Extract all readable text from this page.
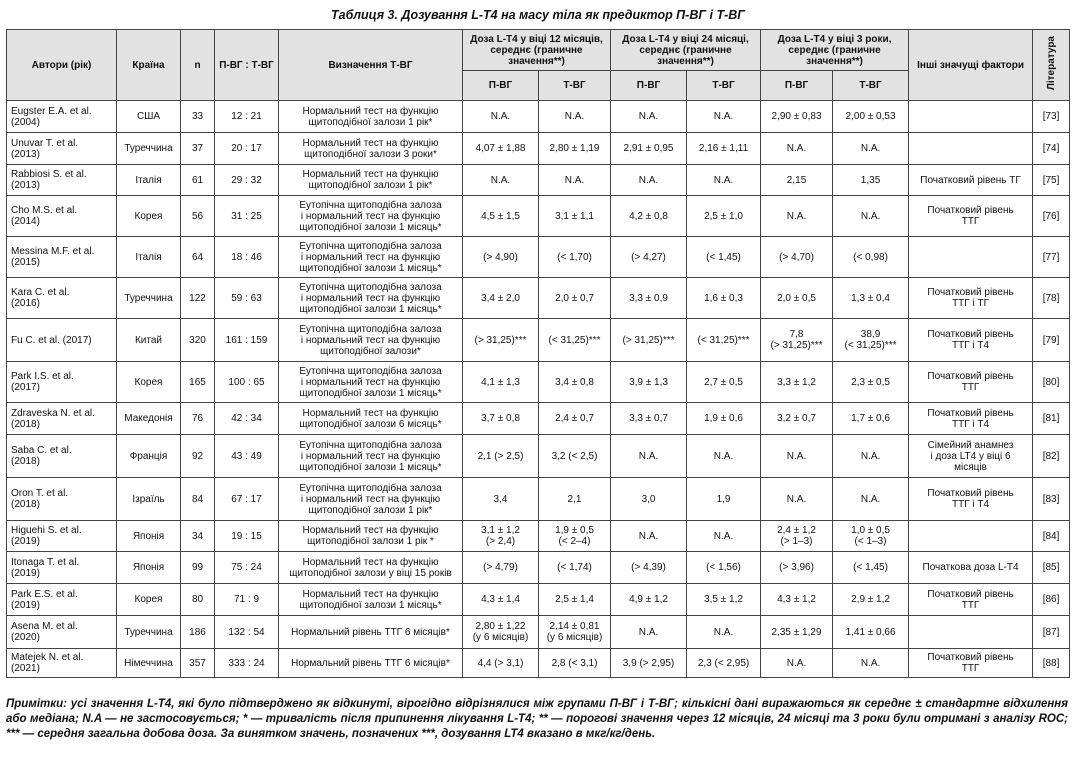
Таблиця 3. Дозування L-T4 на масу тіла як предиктор П-ВГ і Т-ВГ
Автори (рік)	Країна	n	П-ВГ : Т-ВГ	Визначення Т-ВГ	Доза L-T4 у віці 12 місяців, середнє (граничне значення**)		Доза L-T4 у віці 24 місяці, середнє (граничне значення**)		Доза L-T4 у віці 3 роки, середнє (граничне значення**)		Інші значущі фактори	Література
					П-ВГ	Т-ВГ	П-ВГ	Т-ВГ	П-ВГ	Т-ВГ		
Eugster E.A. et al.
(2004)	США	33	12 : 21	Нормальний тест на функцію
щитоподібної залози 1 рік*	N.A.	N.A.	N.A.	N.A.	2,90 ± 0,83	2,00 ± 0,53		[73]
Unuvar T. et al.
(2013)	Туреччина	37	20 : 17	Нормальний тест на функцію
щитоподібної залози 3 роки*	4,07 ± 1,88	2,80 ± 1,19	2,91 ± 0,95	2,16 ± 1,11	N.A.	N.A.		[74]
Rabbiosi S. et al.
(2013)	Італія	61	29 : 32	Нормальний тест на функцію
щитоподібної залози 1 рік*	N.A.	N.A.	N.A.	N.A.	2,15	1,35	Початковий рівень ТГ	[75]
Cho M.S. et al.
(2014)	Корея	56	31 : 25	Еутопічна щитоподібна залоза
і нормальний тест на функцію
щитоподібної залози 1 місяць*	4,5 ± 1,5	3,1 ± 1,1	4,2 ± 0,8	2,5 ± 1,0	N.A.	N.A.	Початковий рівень
ТТГ	[76]
Messina M.F. et al.
(2015)	Італія	64	18 : 46	Еутопічна щитоподібна залоза
і нормальний тест на функцію
щитоподібної залози 1 місяць*	(> 4,90)	(< 1,70)	(> 4,27)	(< 1,45)	(> 4,70)	(< 0,98)		[77]
Kara C. et al.
(2016)	Туреччина	122	59 : 63	Еутопічна щитоподібна залоза
і нормальний тест на функцію
щитоподібної залози 1 місяць*	3,4 ± 2,0	2,0 ± 0,7	3,3 ± 0,9	1,6 ± 0,3	2,0 ± 0,5	1,3 ± 0,4	Початковий рівень
ТТГ і ТГ	[78]
Fu C. et al. (2017)	Китай	320	161 : 159	Еутопічна щитоподібна залоза
і нормальний тест на функцію
щитоподібної залози*	(> 31,25)***	(< 31,25)***	(> 31,25)***	(< 31,25)***	7,8
(> 31,25)***	38,9
(< 31,25)***	Початковий рівень
ТТГ і Т4	[79]
Park I.S. et al.
(2017)	Корея	165	100 : 65	Еутопічна щитоподібна залоза
і нормальний тест на функцію
щитоподібної залози 1 місяць*	4,1 ± 1,3	3,4 ± 0,8	3,9 ± 1,3	2,7 ± 0,5	3,3 ± 1,2	2,3 ± 0,5	Початковий рівень
ТТГ	[80]
Zdraveska N. et al.
(2018)	Македонія	76	42 : 34	Нормальний тест на функцію
щитоподібної залози 6 місяць*	3,7 ± 0,8	2,4 ± 0,7	3,3 ± 0,7	1,9 ± 0,6	3,2 ± 0,7	1,7 ± 0,6	Початковий рівень
ТТГ і Т4	[81]
Saba C. et al.
(2018)	Франція	92	43 : 49	Еутопічна щитоподібна залоза
і нормальний тест на функцію
щитоподібної залози 1 місяць*	2,1 (> 2,5)	3,2 (< 2,5)	N.A.	N.A.	N.A.	N.A.	Сімейний анамнез
і доза LT4 у віці 6
місяців	[82]
Oron T. et al.
(2018)	Ізраїль	84	67 : 17	Еутопічна щитоподібна залоза
і нормальний тест на функцію
щитоподібної залози 1 рік*	3,4	2,1	3,0	1,9	N.A.	N.A.	Початковий рівень
ТТГ і Т4	[83]
Higuehi S. et al.
(2019)	Японія	34	19 : 15	Нормальний тест на функцію
щитоподібної залози 1 рік *	3,1 ± 1,2
(> 2,4)	1,9 ± 0,5
(< 2–4)	N.A.	N.A.	2,4 ± 1,2
(> 1–3)	1,0 ± 0,5
(< 1–3)		[84]
Itonaga T. et al.
(2019)	Японія	99	75 : 24	Нормальний тест на функцію
щитоподібної залози у віці 15 років	(> 4,79)	(< 1,74)	(> 4,39)	(< 1,56)	(> 3,96)	(< 1,45)	Початкова доза L-T4	[85]
Park E.S. et al.
(2019)	Корея	80	71 : 9	Нормальний тест на функцію
щитоподібної залози 1 місяць*	4,3 ± 1,4	2,5 ± 1,4	4,9 ± 1,2	3,5 ± 1,2	4,3 ± 1,2	2,9 ± 1,2	Початковий рівень
ТТГ	[86]
Asena M. et al.
(2020)	Туреччина	186	132 : 54	Нормальний рівень ТТГ 6 місяців*	2,80 ± 1,22
(у 6 місяців)	2,14 ± 0,81
(у 6 місяців)	N.A.	N.A.	2,35 ± 1,29	1,41 ± 0,66		[87]
Matejek N. et al.
(2021)	Німеччина	357	333 : 24	Нормальний рівень ТТГ 6 місяців*	4,4 (> 3,1)	2,8 (< 3,1)	3,9 (> 2,95)	2,3 (< 2,95)	N.A.	N.A.	Початковий рівень
ТТГ	[88]
Примітки: усі значення L-T4, які було підтверджено як відкинуті, вірогідно відрізнялися між групами П-ВГ і Т-ВГ; кількісні дані виражаються як середнє ± стандартне відхилення або медіана; N.A — не застосовується; * — тривалість після припинення лікування L-T4; ** — порогові значення через 12 місяців, 24 місяці та 3 роки були отримані з аналізу ROC; *** — середня загальна добова доза. За винятком значень, позначених ***, дозування LT4 вказано в мкг/кг/день.
